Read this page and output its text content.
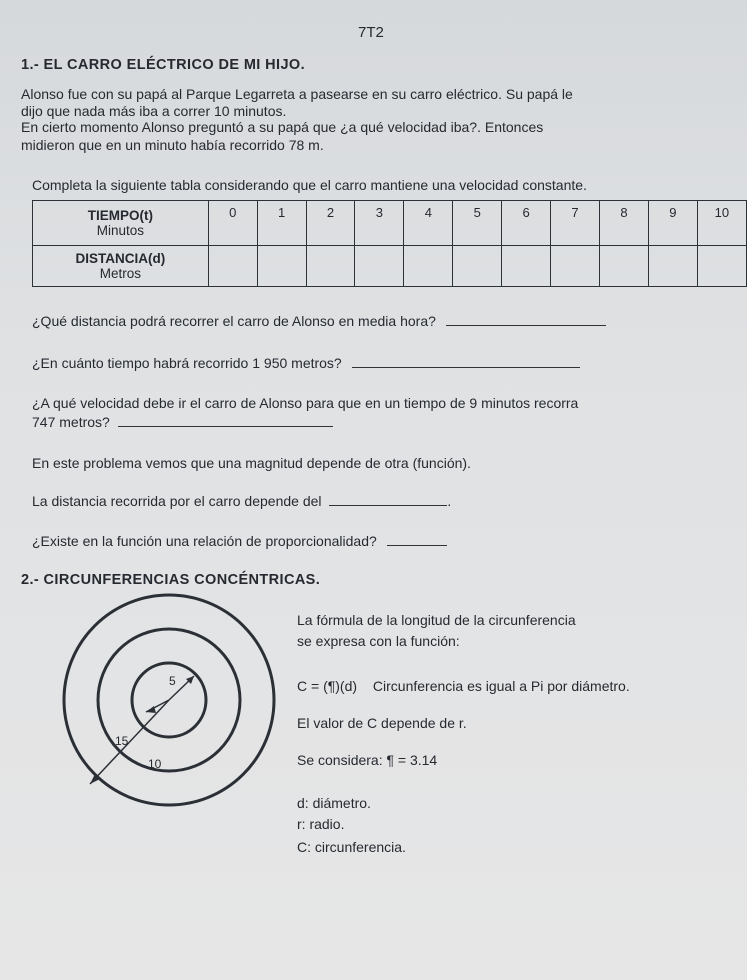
7T2
1.- EL CARRO ELÉCTRICO DE MI HIJO.
Alonso fue con su papá al Parque Legarreta a pasearse en su carro eléctrico. Su papá le
dijo que nada más iba a correr 10 minutos.
En cierto momento Alonso preguntó a su papá que ¿a qué velocidad iba?. Entonces
midieron que en un minuto había recorrido 78 m.
Completa la siguiente tabla considerando que el carro mantiene una velocidad constante.
TIEMPO(t)
Minutos	0	1	2	3	4	5	6	7	8	9	10

DISTANCIA(d)
Metros											

¿Qué distancia podrá recorrer el carro de Alonso en media hora?
¿En cuánto tiempo habrá recorrido 1 950 metros?
¿A qué velocidad debe ir el carro de Alonso para que en un tiempo de 9 minutos recorra
747 metros?
En este problema vemos que una magnitud depende de otra (función).
La distancia recorrida por el carro depende del	.
¿Existe en la función una relación de proporcionalidad?
2.- CIRCUNFERENCIAS CONCÉNTRICAS.
5
15
10
La fórmula de la longitud de la circunferencia
se expresa con la función:
C = (¶)(d) Circunferencia es igual a Pi por diámetro.
El valor de C depende de r.
Se considera: ¶ = 3.14
d: diámetro.
r: radio.
C: circunferencia.
